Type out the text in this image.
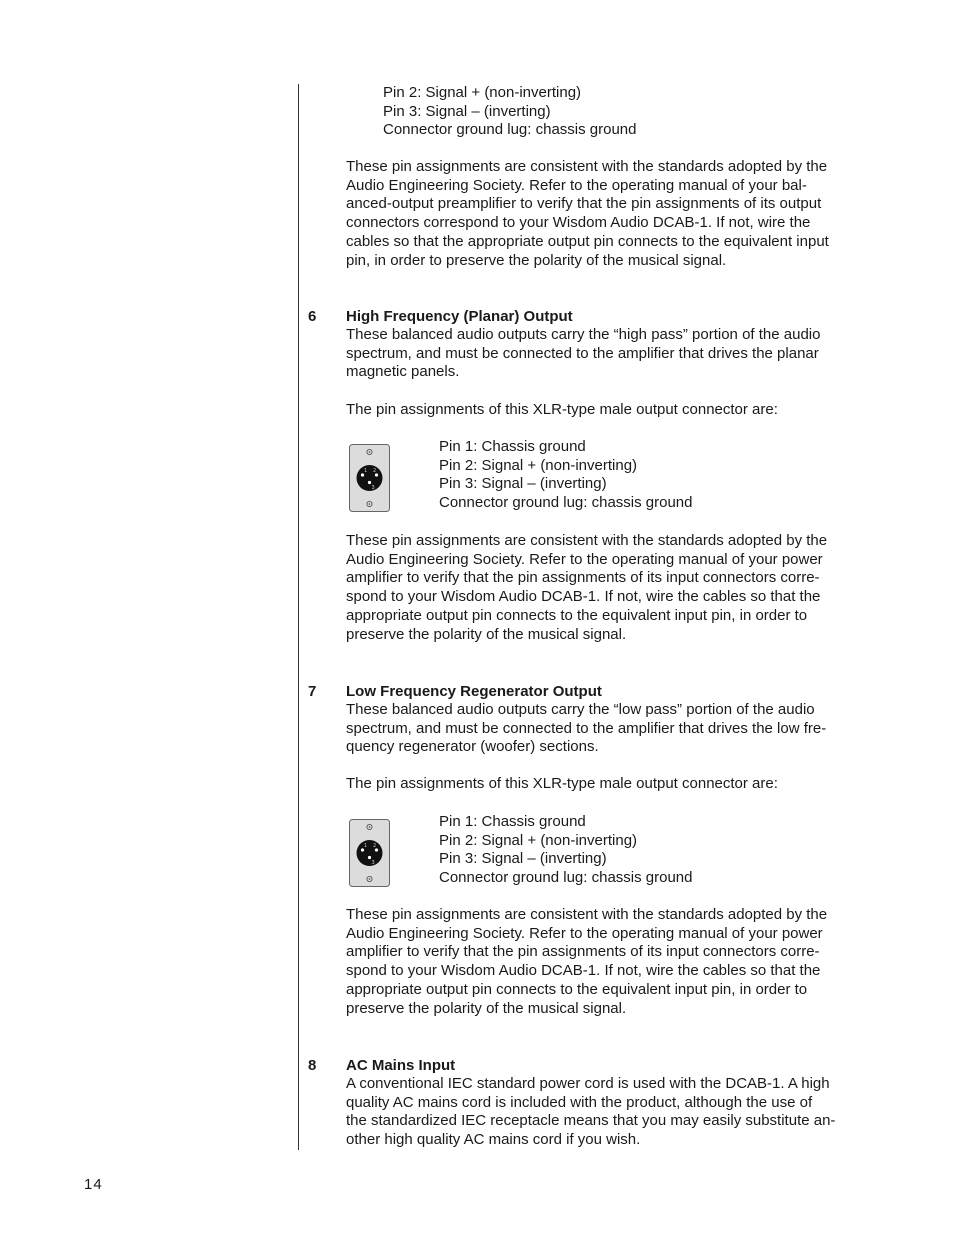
Pin 2: Signal + (non-inverting)
Pin 3: Signal – (inverting)
Connector ground lug: chassis ground
These pin assignments are consistent with the standards adopted by the
Audio Engineering Society. Refer to the operating manual of your bal-
anced-output preamplifier to verify that the pin assignments of its output
connectors correspond to your Wisdom Audio DCAB-1. If not, wire the
cables so that the appropriate output pin connects to the equivalent input
pin, in order to preserve the polarity of the musical signal.
6 High Frequency (Planar) Output
These balanced audio outputs carry the “high pass” portion of the audio
spectrum, and must be connected to the amplifier that drives the planar
magnetic panels.
The pin assignments of this XLR-type male output connector are:
1 2
3
Pin 1: Chassis ground
Pin 2: Signal + (non-inverting)
Pin 3: Signal – (inverting)
Connector ground lug: chassis ground
These pin assignments are consistent with the standards adopted by the
Audio Engineering Society. Refer to the operating manual of your power
amplifier to verify that the pin assignments of its input connectors corre-
spond to your Wisdom Audio DCAB-1. If not, wire the cables so that the
appropriate output pin connects to the equivalent input pin, in order to
preserve the polarity of the musical signal.
7 Low Frequency Regenerator Output
These balanced audio outputs carry the “low pass” portion of the audio
spectrum, and must be connected to the amplifier that drives the low fre-
quency regenerator (woofer) sections.
The pin assignments of this XLR-type male output connector are:
1 2
3
Pin 1: Chassis ground
Pin 2: Signal + (non-inverting)
Pin 3: Signal – (inverting)
Connector ground lug: chassis ground
These pin assignments are consistent with the standards adopted by the
Audio Engineering Society. Refer to the operating manual of your power
amplifier to verify that the pin assignments of its input connectors corre-
spond to your Wisdom Audio DCAB-1. If not, wire the cables so that the
appropriate output pin connects to the equivalent input pin, in order to
preserve the polarity of the musical signal.
8 AC Mains Input
A conventional IEC standard power cord is used with the DCAB-1. A high
quality AC mains cord is included with the product, although the use of
the standardized IEC receptacle means that you may easily substitute an-
other high quality AC mains cord if you wish.
14
